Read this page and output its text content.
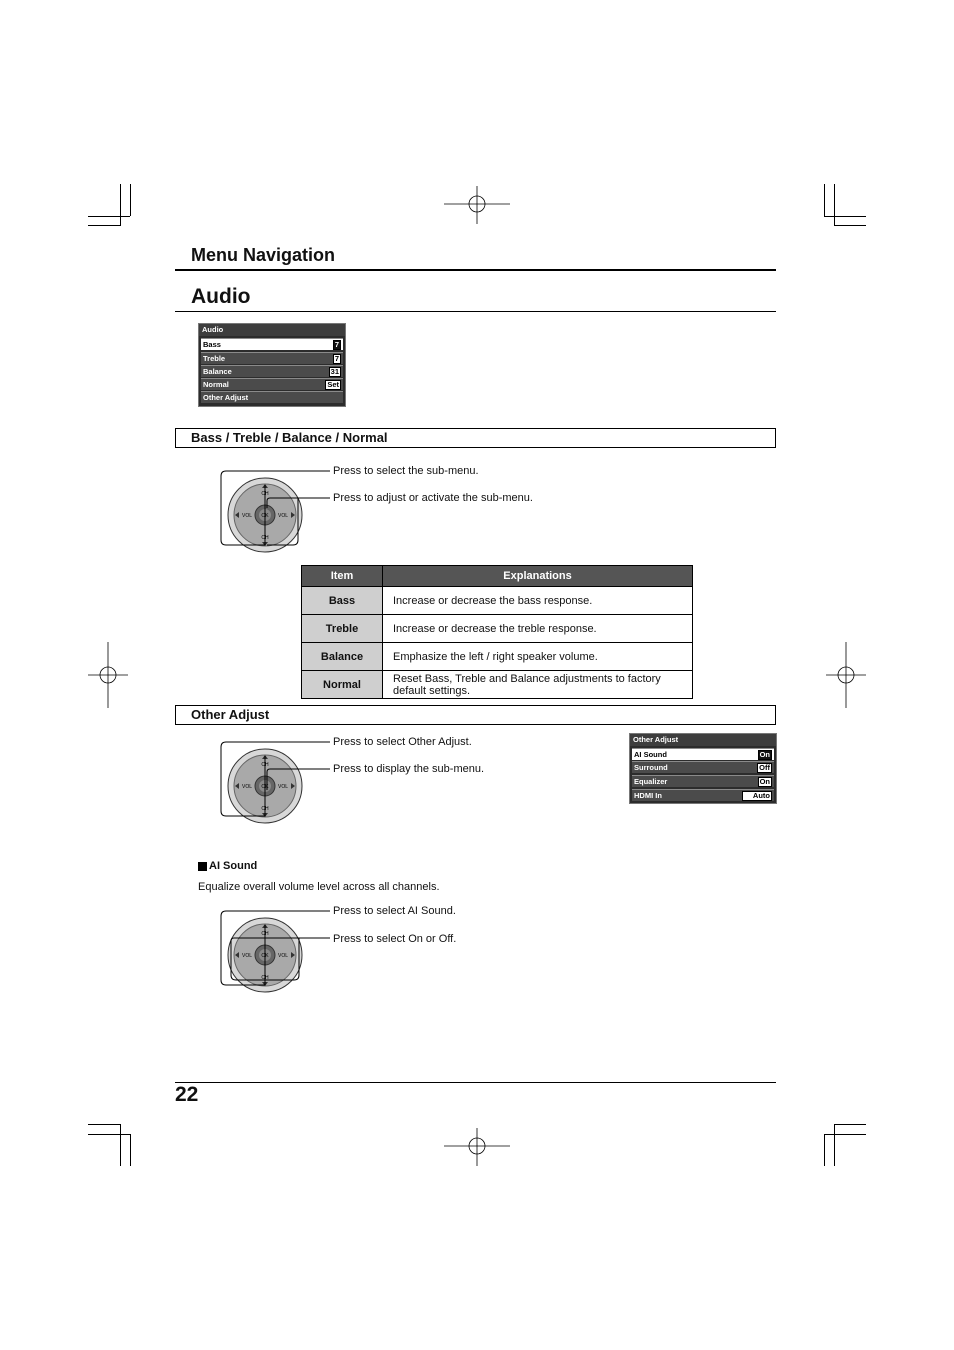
Menu Navigation
Audio
Audio
Bass	7
Treble	7
Balance	31
Normal	Set
Other Adjust
Bass / Treble / Balance / Normal
OK
CH
CH
VOL	VOL
Press to select the sub-menu.
Press to adjust or activate the sub-menu.
Item	Explanations
Bass	Increase or decrease the bass response.
Treble	Increase or decrease the treble response.
Balance	Emphasize the left / right speaker volume.
Normal	Reset Bass, Treble and Balance adjustments to factory default settings.
Other Adjust
OK
CH
CH
VOL	VOL
Press to select Other Adjust.
Press to display the sub-menu.
Other Adjust
AI Sound	On
Surround	Off
Equalizer	On
HDMI In	Auto
AI Sound
Equalize overall volume level across all channels.
OK
CH
CH
VOL	VOL
Press to select AI Sound.
Press to select On or Off.
22
